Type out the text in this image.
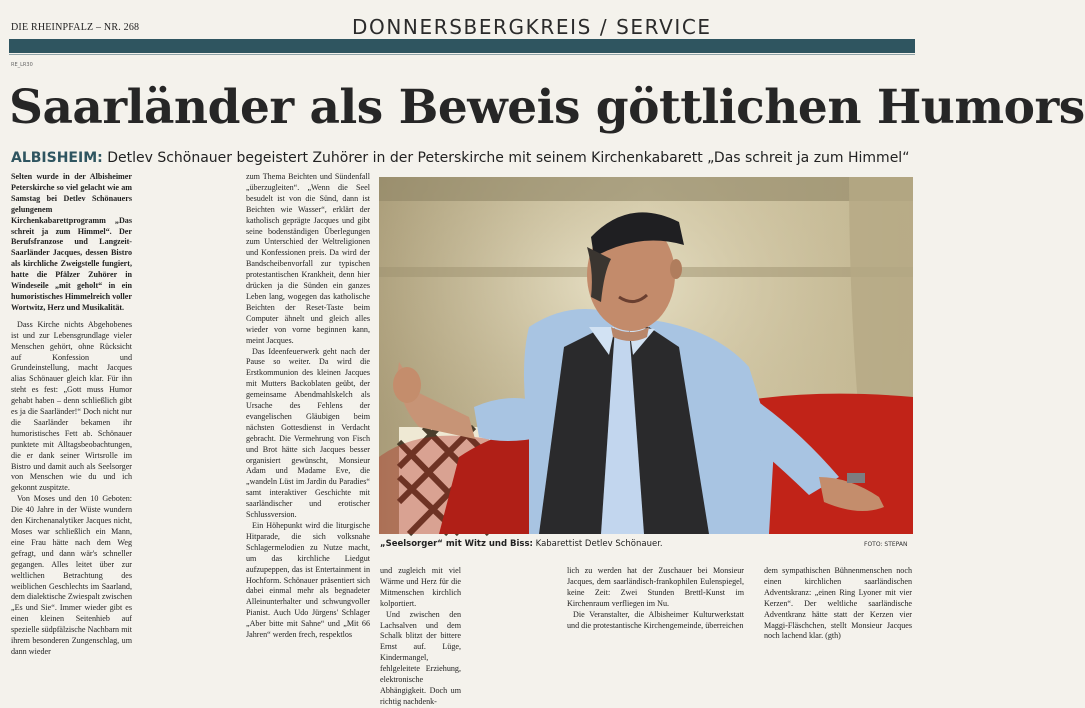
DIE RHEINPFALZ – NR. 268	DONNERSBERGKREIS / SERVICE
RE_LR30
Saarländer als Beweis göttlichen Humors
ALBISHEIM: Detlev Schönauer begeistert Zuhörer in der Peterskirche mit seinem Kirchenkabarett „Das schreit ja zum Himmel“

Selten wurde in der Albisheimer Peterskirche so viel gelacht wie am Samstag bei Detlev Schönauers gelungenem Kirchenkabarettprogramm „Das schreit ja zum Himmel“. Der Berufsfranzose und Langzeit-Saarländer Jacques, dessen Bistro als kirchliche Zweigstelle fungiert, hatte die Pfälzer Zuhörer in Windeseile „mit geholt“ in ein humoristisches Himmelreich voller Wortwitz, Herz und Musikalität.

Dass Kirche nichts Abgehobenes ist und zur Lebensgrundlage vieler Menschen gehört, ohne Rücksicht auf Konfession und Grundeinstellung, macht Jacques alias Schönauer gleich klar. Für ihn steht es fest: „Gott muss Humor gehabt haben – denn schließlich gibt es ja die Saarländer!“ Doch nicht nur die Saarländer bekamen ihr humoristisches Fett ab. Schönauer punktete mit Alltagsbeobachtungen, die er dank seiner Wirtsrolle im Bistro und damit auch als Seelsorger von Menschen wie du und ich gekonnt zuspitzte.

Von Moses und den 10 Geboten: Die 40 Jahre in der Wüste wundern den Kirchenanalytiker Jacques nicht, Moses war schließlich ein Mann, eine Frau hätte nach dem Weg gefragt, und dann wär's schneller gegangen. Alles leitet über zur weltlichen Betrachtung des weiblichen Geschlechts im Saarland, dem dialektische Zwiespalt zwischen „Es und Sie“. Immer wieder gibt es einen kleinen Seitenhieb auf spezielle südpfälzische Nachbarn mit ihrem besonderen Zungenschlag, um dann wieder

zum Thema Beichten und Sündenfall „überzugleiten“. „Wenn die Seel besudelt ist von die Sünd, dann ist Beichten wie Wasser“, erklärt der katholisch geprägte Jacques und gibt seine bodenständigen Überlegungen zum Unterschied der Weltreligionen und Konfessionen preis. Da wird der Bandscheibenvorfall zur typischen protestantischen Krankheit, denn hier drücken ja die Sünden ein ganzes Leben lang, wogegen das katholische Beichten der Reset-Taste beim Computer ähnelt und gleich alles wieder von vorne beginnen kann, meint Jacques.

Das Ideenfeuerwerk geht nach der Pause so weiter. Da wird die Erstkommunion des kleinen Jacques mit Mutters Backoblaten geübt, der gemeinsame Abendmahlskelch als Ursache des Fehlens der evangelischen Gläubigen beim nächsten Gottesdienst in Verdacht gebracht. Die Vermehrung von Fisch und Brot hätte sich Jacques besser organisiert gewünscht, Monsieur Adam und Madame Eve, die „wandeln Lüst im Jardin du Paradies“ samt interaktiver Geschichte mit saarländischer und erotischer Schlussversion.

Ein Höhepunkt wird die liturgische Hitparade, die sich volksnahe Schlagermelodien zu Nutze macht, um das kirchliche Liedgut aufzupeppen, das ist Entertainment in Hochform. Schönauer präsentiert sich dabei einmal mehr als begnadeter Alleinunterhalter und schwungvoller Pianist. Auch Udo Jürgens' Schlager „Aber bitte mit Sahne“ und „Mit 66 Jahren“ werden frech, respektlos

„Seelsorger“ mit Witz und Biss: Kabarettist Detlev Schönauer.	FOTO: STEPAN

und zugleich mit viel Wärme und Herz für die Mitmenschen kirchlich kolportiert.

Und zwischen den Lachsalven und dem Schalk blitzt der bittere Ernst auf. Lüge, Kindermangel, fehlgeleitete Erziehung, elektronische Abhängigkeit. Doch um richtig nachdenk-

lich zu werden hat der Zuschauer bei Monsieur Jacques, dem saarländisch-frankophilen Eulenspiegel, keine Zeit: Zwei Stunden Brettl-Kunst im Kirchenraum verfliegen im Nu.

Die Veranstalter, die Albisheimer Kulturwerkstatt und die protestantische Kirchengemeinde, überreichen

dem sympathischen Bühnenmenschen noch einen kirchlichen saarländischen Adventskranz: „einen Ring Lyoner mit vier Kerzen“. Der weltliche saarländische Adventkranz hätte statt der Kerzen vier Maggi-Fläschchen, stellt Monsieur Jacques noch lachend klar. (gth)
